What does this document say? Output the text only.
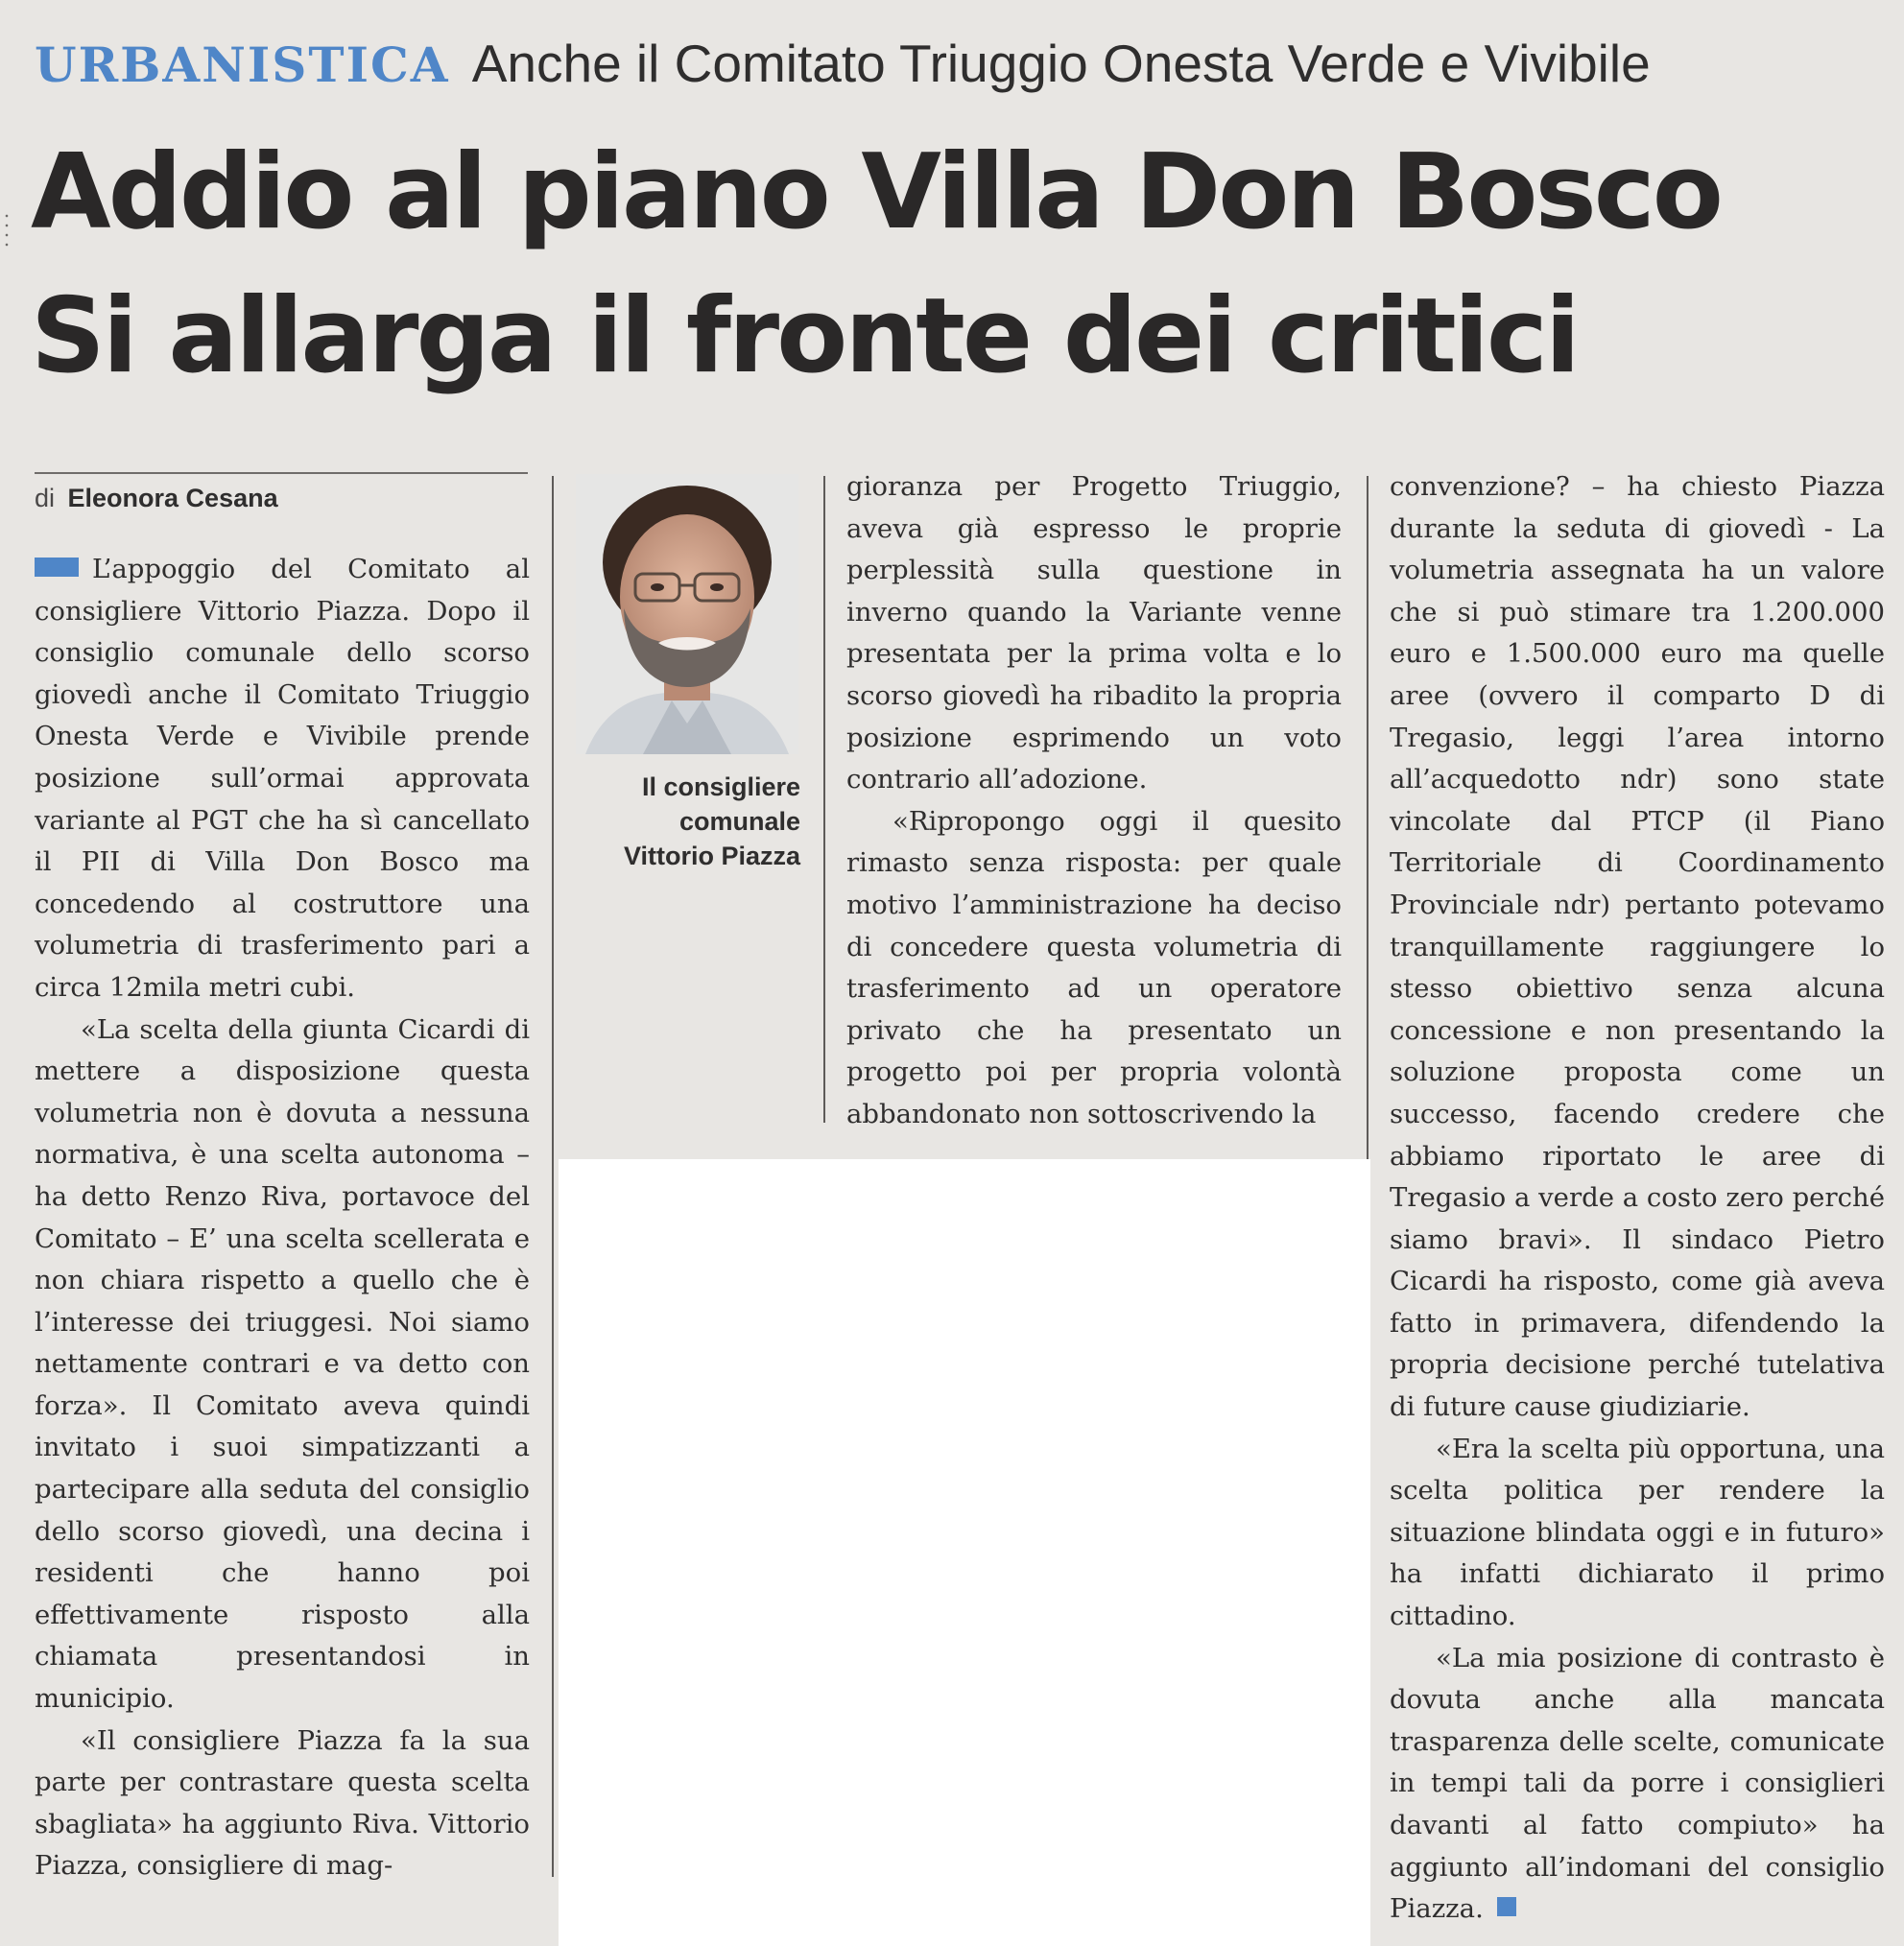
URBANISTICA Anche il Comitato Triuggio Onesta Verde e Vivibile
Addio al piano Villa Don Bosco
Si allarga il fronte dei critici
di Eleonora Cesana

L’appoggio del Comitato al consigliere Vittorio Piazza. Dopo il consiglio comunale dello scorso giovedì anche il Comitato Triuggio Onesta Verde e Vivibile prende posizione sull’ormai approvata variante al PGT che ha sì cancellato il PII di Villa Don Bosco ma concedendo al costruttore una volumetria di trasferimento pari a circa 12mila metri cubi.

«La scelta della giunta Cicardi di mettere a disposizione questa volumetria non è dovuta a nessuna normativa, è una scelta autonoma – ha detto Renzo Riva, portavoce del Comitato – E’ una scelta scellerata e non chiara rispetto a quello che è l’interesse dei triuggesi. Noi siamo nettamente contrari e va detto con forza». Il Comitato aveva quindi invitato i suoi simpatizzanti a partecipare alla seduta del consiglio dello scorso giovedì, una decina i residenti che hanno poi effettivamente risposto alla chiamata presentandosi in municipio.

«Il consigliere Piazza fa la sua parte per contrastare questa scelta sbagliata» ha aggiunto Riva. Vittorio Piazza, consigliere di mag-

Il consigliere
comunale
Vittorio Piazza

gioranza per Progetto Triuggio, aveva già espresso le proprie perplessità sulla questione in inverno quando la Variante venne presentata per la prima volta e lo scorso giovedì ha ribadito la propria posizione esprimendo un voto contrario all’adozione.

«Ripropongo oggi il quesito rimasto senza risposta: per quale motivo l’amministrazione ha deciso di concedere questa volumetria di trasferimento ad un operatore privato che ha presentato un progetto poi per propria volontà abbandonato non sottoscrivendo la

convenzione? – ha chiesto Piazza durante la seduta di giovedì - La volumetria assegnata ha un valore che si può stimare tra 1.200.000 euro e 1.500.000 euro ma quelle aree (ovvero il comparto D di Tregasio, leggi l’area intorno all’acquedotto ndr) sono state vincolate dal PTCP (il Piano Territoriale di Coordinamento Provinciale ndr) pertanto potevamo tranquillamente raggiungere lo stesso obiettivo senza alcuna concessione e non presentando la soluzione proposta come un successo, facendo credere che abbiamo riportato le aree di Tregasio a verde a costo zero perché siamo bravi». Il sindaco Pietro Cicardi ha risposto, come già aveva fatto in primavera, difendendo la propria decisione perché tutelativa di future cause giudiziarie.

«Era la scelta più opportuna, una scelta politica per rendere la situazione blindata oggi e in futuro» ha infatti dichiarato il primo cittadino.

«La mia posizione di contrasto è dovuta anche alla mancata trasparenza delle scelte, comunicate in tempi tali da porre i consiglieri davanti al fatto compiuto» ha aggiunto all’indomani del consiglio Piazza.
